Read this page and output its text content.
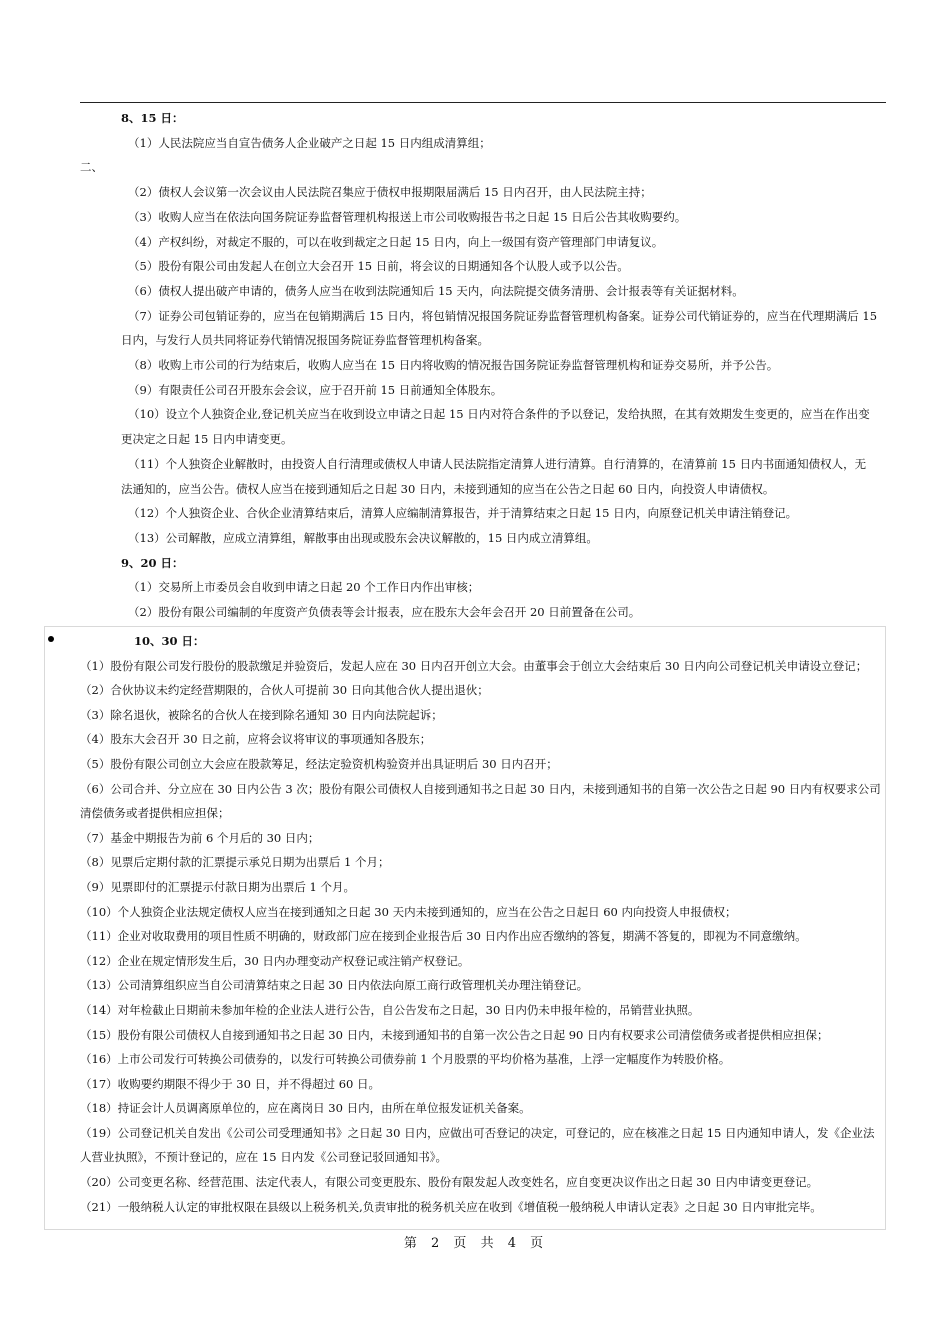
8、15 日：
（1）人民法院应当自宣告债务人企业破产之日起 15 日内组成清算组；
二、
（2）债权人会议第一次会议由人民法院召集应于债权申报期限届满后 15 日内召开，由人民法院主持；
（3）收购人应当在依法向国务院证券监督管理机构报送上市公司收购报告书之日起 15 日后公告其收购要约。
（4）产权纠纷，对裁定不服的，可以在收到裁定之日起 15 日内，向上一级国有资产管理部门申请复议。
（5）股份有限公司由发起人在创立大会召开 15 日前，将会议的日期通知各个认股人或予以公告。
（6）债权人提出破产申请的，债务人应当在收到法院通知后 15 天内，向法院提交债务清册、会计报表等有关证据材料。
（7）证券公司包销证券的，应当在包销期满后 15 日内，将包销情况报国务院证券监督管理机构备案。证券公司代销证券的，应当在代理期满后 15
日内，与发行人员共同将证券代销情况报国务院证券监督管理机构备案。
（8）收购上市公司的行为结束后，收购人应当在 15 日内将收购的情况报告国务院证券监督管理机构和证券交易所，并予公告。
（9）有限责任公司召开股东会会议，应于召开前 15 日前通知全体股东。
（10）设立个人独资企业,登记机关应当在收到设立申请之日起 15 日内对符合条件的予以登记，发给执照，在其有效期发生变更的，应当在作出变
更决定之日起 15 日内申请变更。
（11）个人独资企业解散时，由投资人自行清理或债权人申请人民法院指定清算人进行清算。自行清算的，在清算前 15 日内书面通知债权人，无
法通知的，应当公告。债权人应当在接到通知后之日起 30 日内，未接到通知的应当在公告之日起 60 日内，向投资人申请债权。
（12）个人独资企业、合伙企业清算结束后，清算人应编制清算报告，并于清算结束之日起 15 日内，向原登记机关申请注销登记。
（13）公司解散，应成立清算组，解散事由出现或股东会决议解散的，15 日内成立清算组。
9、20 日：
（1）交易所上市委员会自收到申请之日起 20 个工作日内作出审核；
（2）股份有限公司编制的年度资产负债表等会计报表，应在股东大会年会召开 20 日前置备在公司。
10、30 日：
（1）股份有限公司发行股份的股款缴足并验资后，发起人应在 30 日内召开创立大会。由董事会于创立大会结束后 30 日内向公司登记机关申请设立登记；
（2）合伙协议未约定经营期限的，合伙人可提前 30 日向其他合伙人提出退伙；
（3）除名退伙，被除名的合伙人在接到除名通知 30 日内向法院起诉；
（4）股东大会召开 30 日之前，应将会议将审议的事项通知各股东；
（5）股份有限公司创立大会应在股款筹足，经法定验资机构验资并出具证明后 30 日内召开；
（6）公司合并、分立应在 30 日内公告 3 次；股份有限公司债权人自接到通知书之日起 30 日内，未接到通知书的自第一次公告之日起 90 日内有权要求公司
清偿债务或者提供相应担保；
（7）基金中期报告为前 6 个月后的 30 日内；
（8）见票后定期付款的汇票提示承兑日期为出票后 1 个月；
（9）见票即付的汇票提示付款日期为出票后 1 个月。
（10）个人独资企业法规定债权人应当在接到通知之日起 30 天内未接到通知的，应当在公告之日起日 60 内向投资人申报债权；
（11）企业对收取费用的项目性质不明确的，财政部门应在接到企业报告后 30 日内作出应否缴纳的答复，期满不答复的，即视为不同意缴纳。
（12）企业在规定情形发生后，30 日内办理变动产权登记或注销产权登记。
（13）公司清算组织应当自公司清算结束之日起 30 日内依法向原工商行政管理机关办理注销登记。
（14）对年检截止日期前未参加年检的企业法人进行公告，自公告发布之日起，30 日内仍未申报年检的，吊销营业执照。
（15）股份有限公司债权人自接到通知书之日起 30 日内，未接到通知书的自第一次公告之日起 90 日内有权要求公司清偿债务或者提供相应担保；
（16）上市公司发行可转换公司债券的，以发行可转换公司债券前 1 个月股票的平均价格为基准，上浮一定幅度作为转股价格。
（17）收购要约期限不得少于 30 日，并不得超过 60 日。
（18）持证会计人员调离原单位的，应在离岗日 30 日内，由所在单位报发证机关备案。
（19）公司登记机关自发出《公司公司受理通知书》之日起 30 日内，应做出可否登记的决定，可登记的，应在核准之日起 15 日内通知申请人，发《企业法
人营业执照》，不预计登记的，应在 15 日内发《公司登记驳回通知书》。
（20）公司变更名称、经营范围、法定代表人，有限公司变更股东、股份有限发起人改变姓名，应自变更决议作出之日起 30 日内申请变更登记。
（21）一般纳税人认定的审批权限在县级以上税务机关,负责审批的税务机关应在收到《增值税一般纳税人申请认定表》之日起 30 日内审批完毕。
第 2 页 共 4 页
